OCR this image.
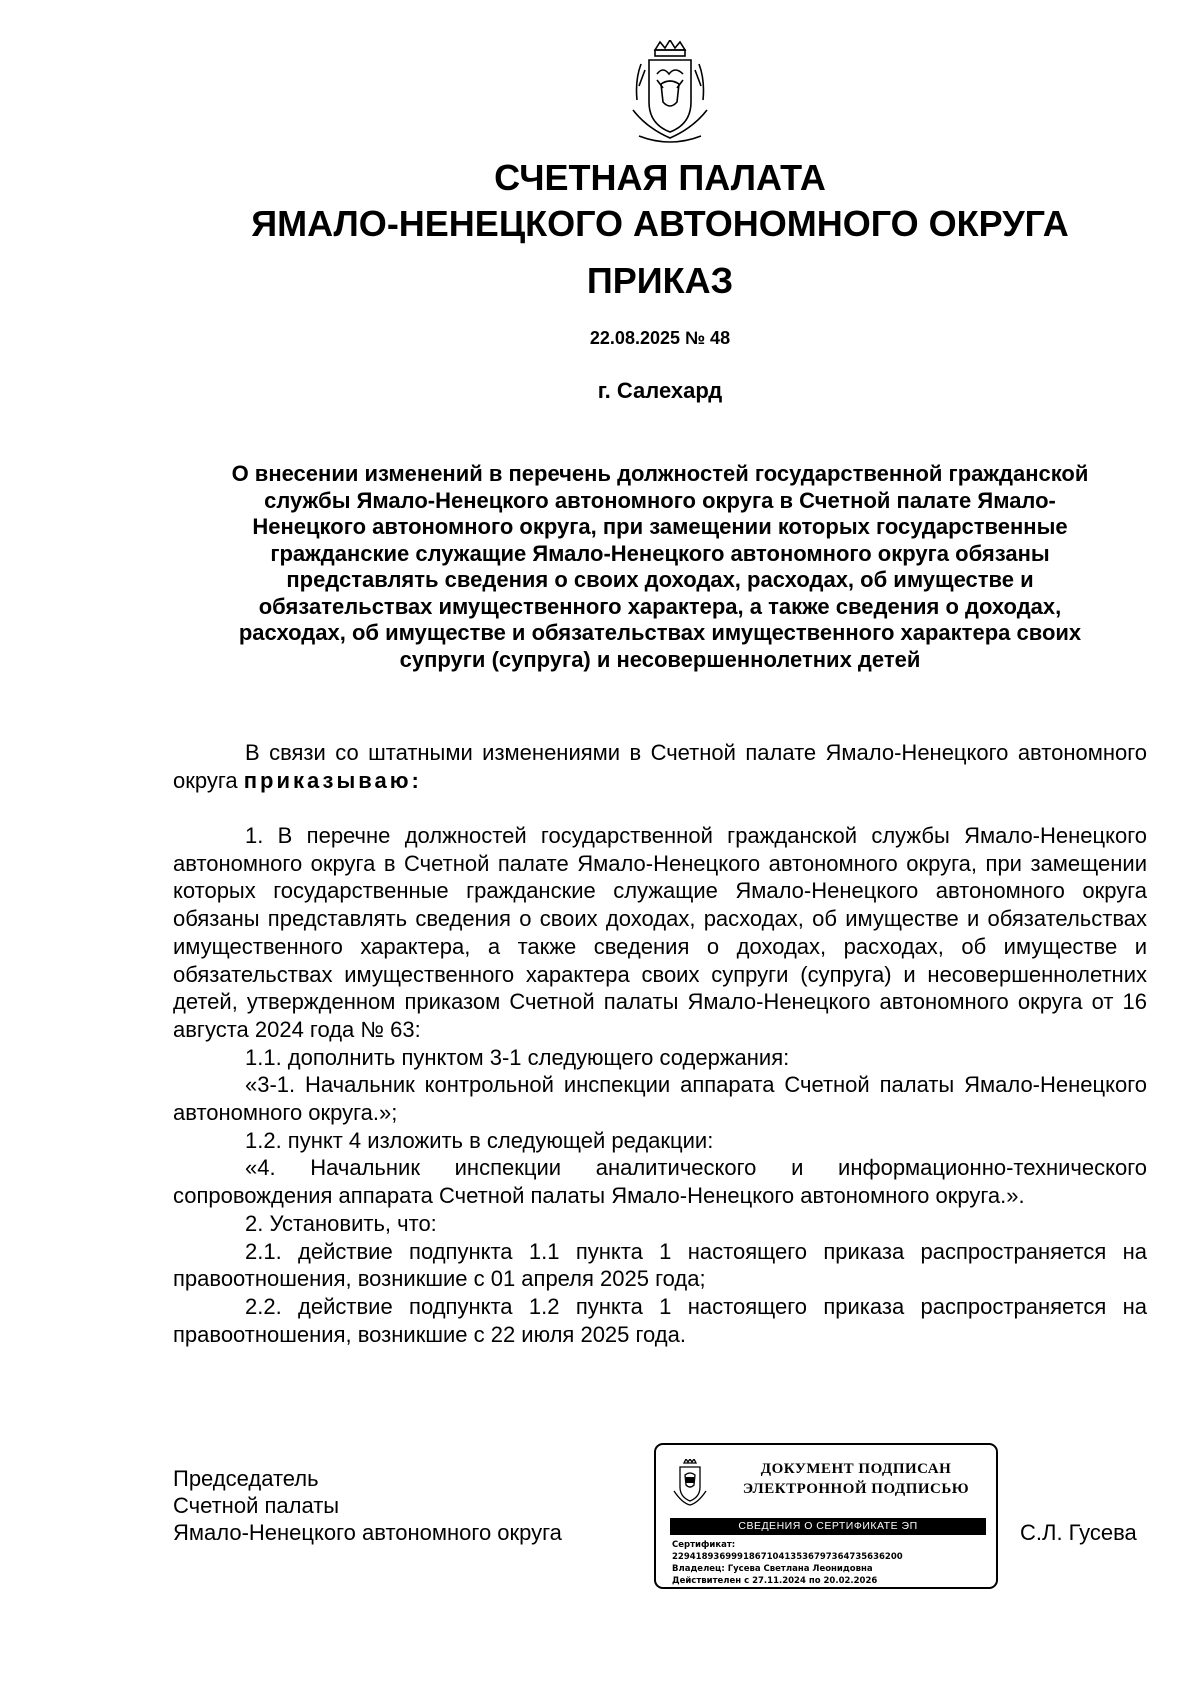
СЧЕТНАЯ ПАЛАТА
ЯМАЛО-НЕНЕЦКОГО АВТОНОМНОГО ОКРУГА
ПРИКАЗ
22.08.2025 № 48
г. Салехард
О внесении изменений в перечень должностей государственной гражданской
службы Ямало-Ненецкого автономного округа в Счетной палате Ямало-
Ненецкого автономного округа, при замещении которых государственные
гражданские служащие Ямало-Ненецкого автономного округа обязаны
представлять сведения о своих доходах, расходах, об имуществе и
обязательствах имущественного характера, а также сведения о доходах,
расходах, об имуществе и обязательствах имущественного характера своих
супруги (супруга) и несовершеннолетних детей

В связи со штатными изменениями в Счетной палате Ямало-Ненецкого автономного округа приказываю:

1. В перечне должностей государственной гражданской службы Ямало-Ненецкого автономного округа в Счетной палате Ямало-Ненецкого автономного округа, при замещении которых государственные гражданские служащие Ямало-Ненецкого автономного округа обязаны представлять сведения о своих доходах, расходах, об имуществе и обязательствах имущественного характера, а также сведения о доходах, расходах, об имуществе и обязательствах имущественного характера своих супруги (супруга) и несовершеннолетних детей, утвержденном приказом Счетной палаты Ямало-Ненецкого автономного округа от 16 августа 2024 года № 63:

1.1. дополнить пунктом 3-1 следующего содержания:

«3-1. Начальник контрольной инспекции аппарата Счетной палаты Ямало-Ненецкого автономного округа.»;

1.2. пункт 4 изложить в следующей редакции:

«4. Начальник инспекции аналитического и информационно-технического сопровождения аппарата Счетной палаты Ямало-Ненецкого автономного округа.».

2. Установить, что:

2.1. действие подпункта 1.1 пункта 1 настоящего приказа распространяется на правоотношения, возникшие с 01 апреля 2025 года;

2.2. действие подпункта 1.2 пункта 1 настоящего приказа распространяется на правоотношения, возникшие с 22 июля 2025 года.

Председатель
Счетной палаты
Ямало-Ненецкого автономного округа
ДОКУМЕНТ ПОДПИСАН
ЭЛЕКТРОННОЙ ПОДПИСЬЮ
СВЕДЕНИЯ О СЕРТИФИКАТЕ ЭП
Сертификат:
22941893699918671041353679736473563620​0
Владелец: Гусева Светлана Леонидовна
Действителен с 27.11.2024 по 20.02.2026
С.Л. Гусева
